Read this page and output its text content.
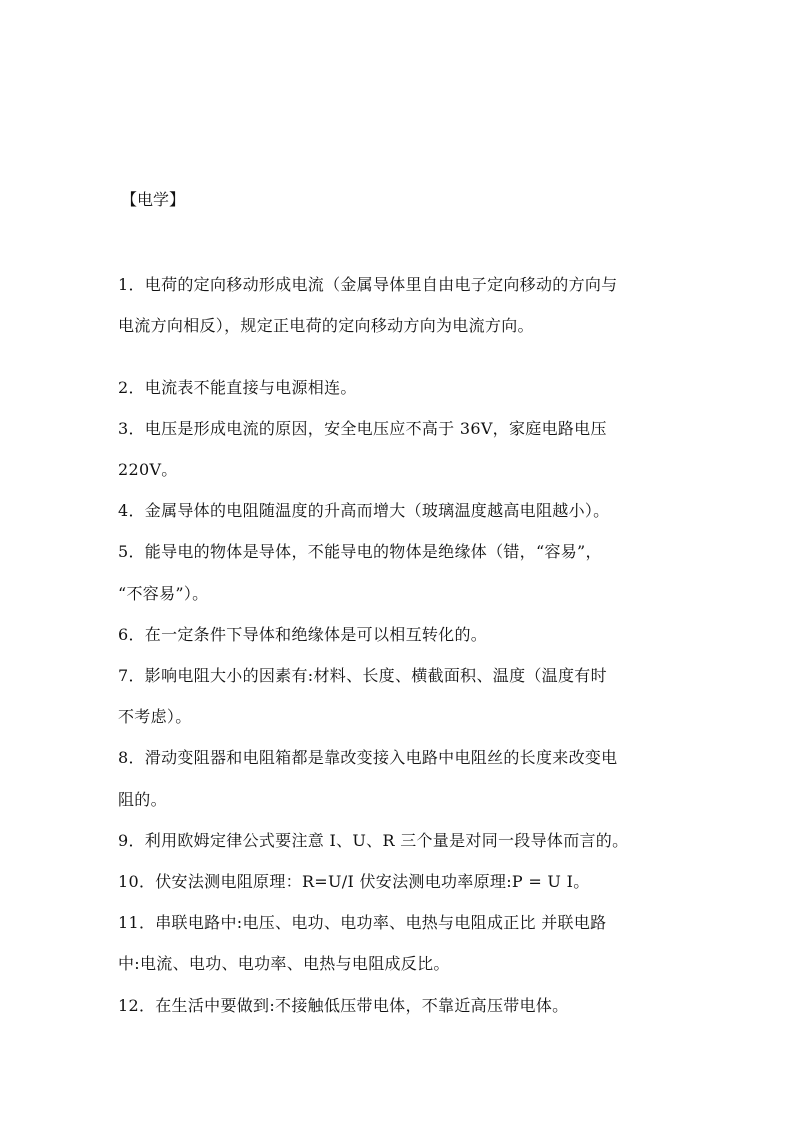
【电学】
1．电荷的定向移动形成电流（金属导体里自由电子定向移动的方向与
电流方向相反），规定正电荷的定向移动方向为电流方向。
2．电流表不能直接与电源相连。
3．电压是形成电流的原因，安全电压应不高于 36V，家庭电路电压
220V。
4．金属导体的电阻随温度的升高而增大（玻璃温度越高电阻越小）。
5．能导电的物体是导体，不能导电的物体是绝缘体（错，“容易”，
“不容易”）。
6．在一定条件下导体和绝缘体是可以相互转化的。
7．影响电阻大小的因素有:材料、长度、横截面积、温度（温度有时
不考虑）。
8．滑动变阻器和电阻箱都是靠改变接入电路中电阻丝的长度来改变电
阻的。
9．利用欧姆定律公式要注意 I、U、R 三个量是对同一段导体而言的。
10．伏安法测电阻原理：R=U/I 伏安法测电功率原理:P = U I。
11．串联电路中:电压、电功、电功率、电热与电阻成正比 并联电路
中:电流、电功、电功率、电热与电阻成反比。
12．在生活中要做到:不接触低压带电体，不靠近高压带电体。
